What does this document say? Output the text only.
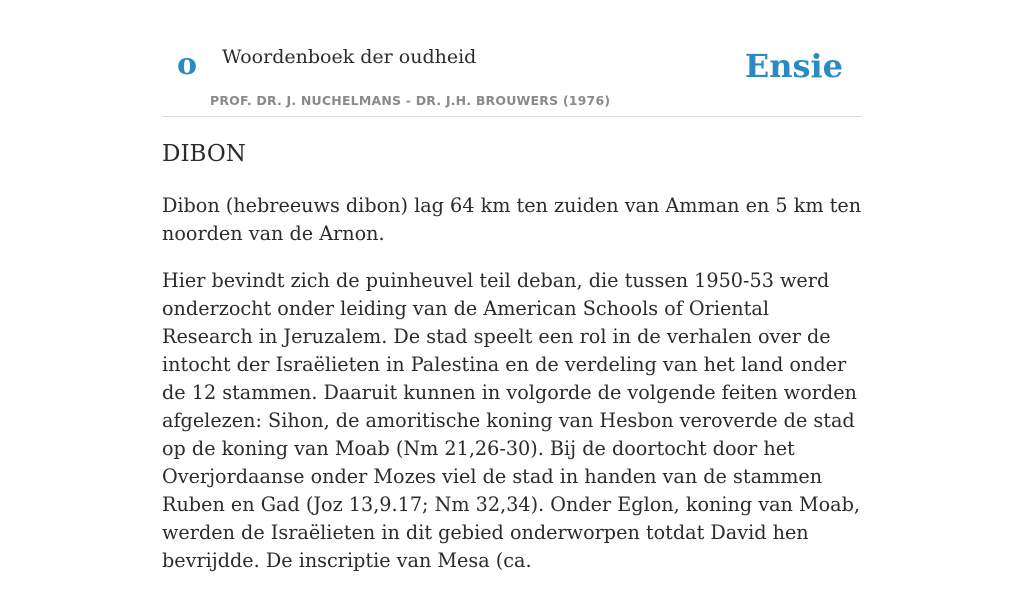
o Woordenboek der oudheid	Ensie
PROF. DR. J. NUCHELMANS - DR. J.H. BROUWERS (1976)
DIBON

Dibon (hebreeuws dibon) lag 64 km ten zuiden van Amman en 5 km ten noorden van de Arnon.

Hier bevindt zich de puinheuvel teil deban, die tussen 1950-53 werd onderzocht onder leiding van de American Schools of Oriental Research in Jeruzalem. De stad speelt een rol in de verhalen over de intocht der Israëlieten in Palestina en de verdeling van het land onder de 12 stammen. Daaruit kunnen in volgorde de volgende feiten worden afgelezen: Sihon, de amoritische koning van Hesbon veroverde de stad op de koning van Moab (Nm 21,26-30). Bij de doortocht door het Overjordaanse onder Mozes viel de stad in handen van de stammen Ruben en Gad (Joz 13,9.17; Nm 32,34). Onder Eglon, koning van Moab, werden de Israëlieten in dit gebied onderworpen totdat David hen bevrijdde. De inscriptie van Mesa (ca.
